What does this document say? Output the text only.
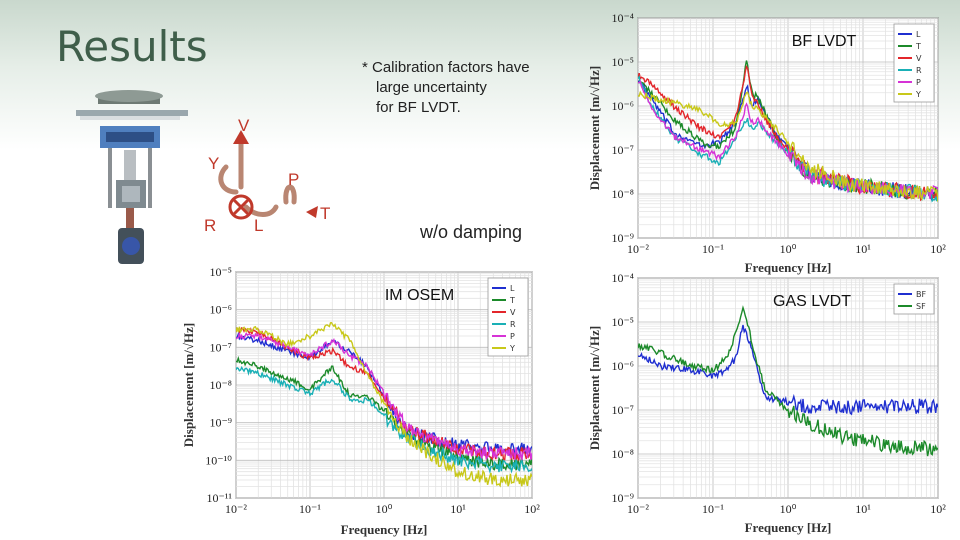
Results	* Calibration factors have
large uncertainty
for BF LVDT.
w/o damping
V
Y
P
R L
T
10⁻²	10⁻¹	10⁰	10¹	10²
10⁻⁴
10⁻⁵
10⁻⁶
10⁻⁷
10⁻⁸
10⁻⁹
Frequency [Hz]
Displacement [m/√Hz]
BF LVDT	L
T
V
R
P
Y
10⁻²	10⁻¹	10⁰	10¹	10²
10⁻⁵
10⁻⁶
10⁻⁷
10⁻⁸
10⁻⁹
10⁻¹⁰
10⁻¹¹
Frequency [Hz]
Displacement [m/√Hz]
IM OSEM	L
T
V
R
P
Y
10⁻²	10⁻¹	10⁰	10¹	10²
10⁻⁴
10⁻⁵
10⁻⁶
10⁻⁷
10⁻⁸
10⁻⁹
Frequency [Hz]
Displacement [m/√Hz]
GAS LVDT	BF
SF
